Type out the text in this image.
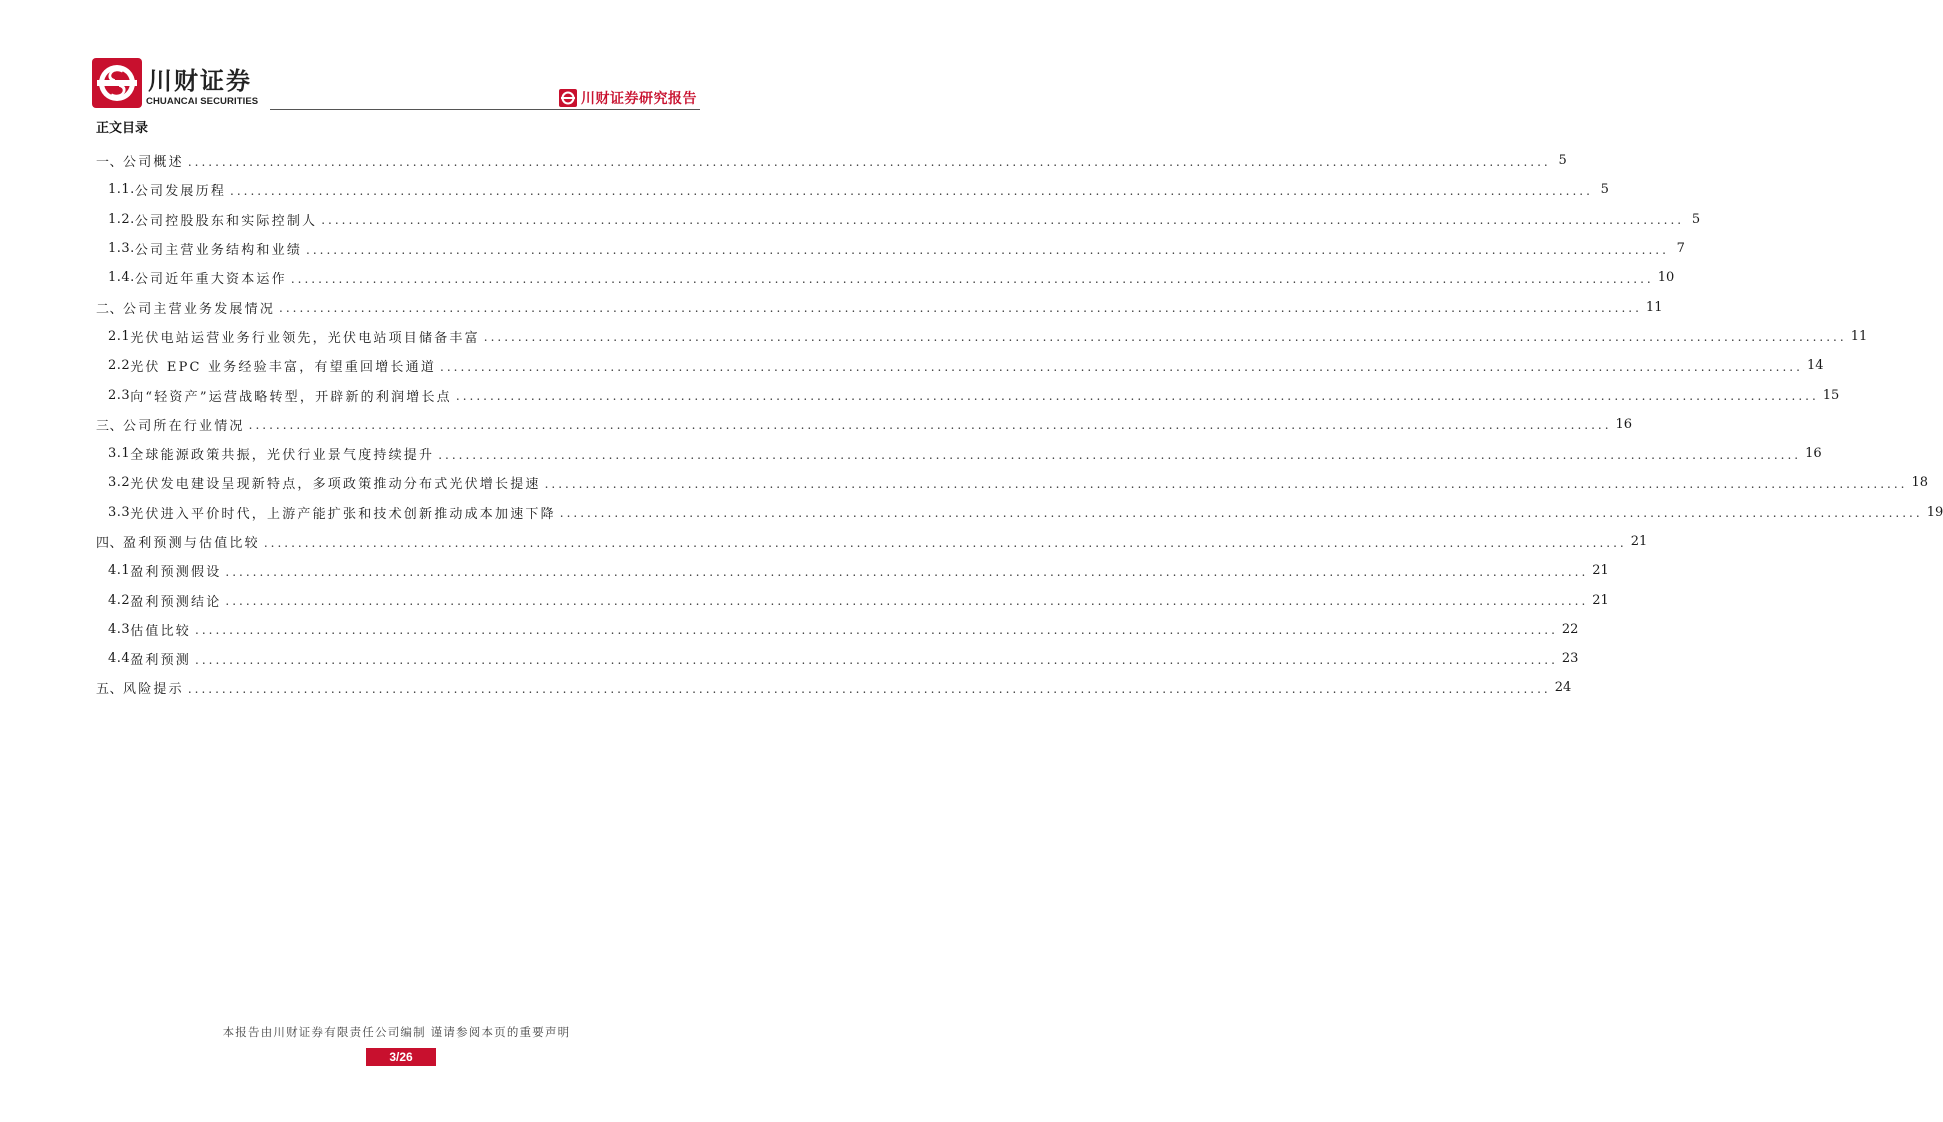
川财证券
CHUANCAI SECURITIES	川财证券研究报告
正文目录
一、 公司概述 ........................................................................................................................................................................................................ 5
1.1. 公司发展历程 ........................................................................................................................................................................................................ 5
1.2. 公司控股股东和实际控制人 ........................................................................................................................................................................................................ 5
1.3. 公司主营业务结构和业绩 ........................................................................................................................................................................................................ 7
1.4. 公司近年重大资本运作 ........................................................................................................................................................................................................ 10
二、 公司主营业务发展情况 ........................................................................................................................................................................................................ 11
2.1 光伏电站运营业务行业领先，光伏电站项目储备丰富 ........................................................................................................................................................................................................ 11
2.2 光伏 EPC 业务经验丰富，有望重回增长通道 ........................................................................................................................................................................................................ 14
2.3 向“轻资产”运营战略转型，开辟新的利润增长点 ........................................................................................................................................................................................................ 15
三、 公司所在行业情况 ........................................................................................................................................................................................................ 16
3.1 全球能源政策共振，光伏行业景气度持续提升 ........................................................................................................................................................................................................ 16
3.2 光伏发电建设呈现新特点，多项政策推动分布式光伏增长提速 ........................................................................................................................................................................................................ 18
3.3 光伏进入平价时代，上游产能扩张和技术创新推动成本加速下降 ........................................................................................................................................................................................................ 19
四、 盈利预测与估值比较 ........................................................................................................................................................................................................ 21
4.1 盈利预测假设 ........................................................................................................................................................................................................ 21
4.2 盈利预测结论 ........................................................................................................................................................................................................ 21
4.3 估值比较 ........................................................................................................................................................................................................ 22
4.4 盈利预测 ........................................................................................................................................................................................................ 23
五、 风险提示 ........................................................................................................................................................................................................ 24
本报告由川财证券有限责任公司编制 谨请参阅本页的重要声明
3/26
